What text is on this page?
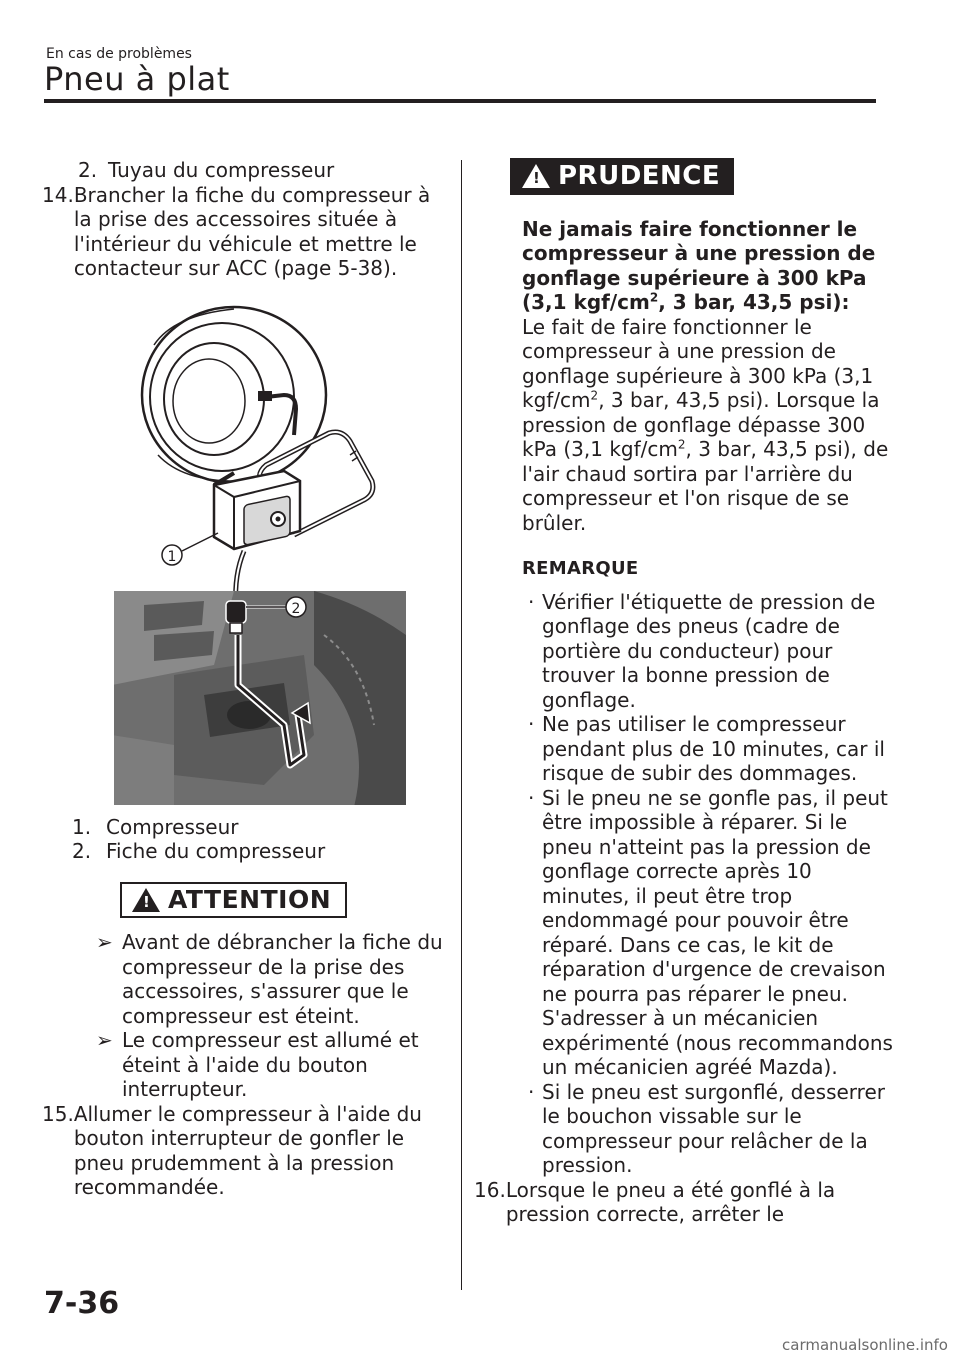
En cas de problèmes
Pneu à plat
2. Tuyau du compresseur
14. Brancher la fiche du compresseur à la prise des accessoires située à l'intérieur du véhicule et mettre le contacteur sur ACC (page 5-38).
1
2
1. Compresseur
2. Fiche du compresseur
! ATTENTION
➢ Avant de débrancher la fiche du compresseur de la prise des accessoires, s'assurer que le compresseur est éteint.
➢ Le compresseur est allumé et éteint à l'aide du bouton interrupteur.
15. Allumer le compresseur à l'aide du bouton interrupteur de gonfler le pneu prudemment à la pression recommandée.
! PRUDENCE

Ne jamais faire fonctionner le compresseur à une pression de gonflage supérieure à 300 kPa (3,1 kgf/$cm^2$, 3 bar, 43,5 psi):

Le fait de faire fonctionner le compresseur à une pression de gonflage supérieure à 300 kPa (3,1 kgf/$cm^2$, 3 bar, 43,5 psi). Lorsque la pression de gonflage dépasse 300 kPa (3,1 kgf/$cm^2$, 3 bar, 43,5 psi), de l'air chaud sortira par l'arrière du compresseur et l'on risque de se brûler.

REMARQUE
· Vérifier l'étiquette de pression de gonflage des pneus (cadre de portière du conducteur) pour trouver la bonne pression de gonflage.
· Ne pas utiliser le compresseur pendant plus de 10 minutes, car il risque de subir des dommages.
· Si le pneu ne se gonfle pas, il peut être impossible à réparer. Si le pneu n'atteint pas la pression de gonflage correcte après 10 minutes, il peut être trop endommagé pour pouvoir être réparé. Dans ce cas, le kit de réparation d'urgence de crevaison ne pourra pas réparer le pneu. S'adresser à un mécanicien expérimenté (nous recommandons un mécanicien agréé Mazda).
· Si le pneu est surgonflé, desserrer le bouchon vissable sur le compresseur pour relâcher de la pression.
16. Lorsque le pneu a été gonflé à la pression correcte, arrêter le
7-36
carmanualsonline.info
